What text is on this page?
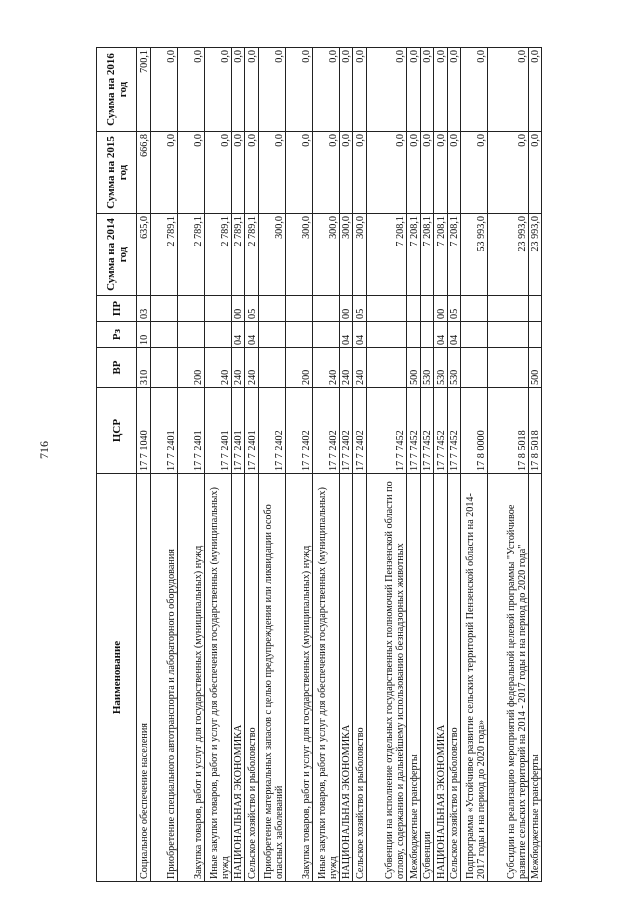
716
Наименование	ЦСР	ВР	Рз	ПР	Сумма на 2014 год	Сумма на 2015 год	Сумма на 2016 год
Социальное обеспечение населения	17 7 1040	310	10	03	635,0	666,8	700,1
Приобретение специального автотранспорта и лабораторного оборудования	17 7 2401				2 789,1	0,0	0,0
Закупка товаров, работ и услуг для государственных (муниципальных) нужд	17 7 2401	200			2 789,1	0,0	0,0
Иные закупки товаров, работ и услуг для обеспечения государственных (муниципальных) нужд	17 7 2401	240			2 789,1	0,0	0,0
НАЦИОНАЛЬНАЯ ЭКОНОМИКА	17 7 2401	240	04	00	2 789,1	0,0	0,0
Сельское хозяйство и рыболовство	17 7 2401	240	04	05	2 789,1	0,0	0,0
Приобретение материальных запасов с целью предупреждения или ликвидации особо опасных заболеваний	17 7 2402				300,0	0,0	0,0
Закупка товаров, работ и услуг для государственных (муниципальных) нужд	17 7 2402	200			300,0	0,0	0,0
Иные закупки товаров, работ и услуг для обеспечения государственных (муниципальных) нужд	17 7 2402	240			300,0	0,0	0,0
НАЦИОНАЛЬНАЯ ЭКОНОМИКА	17 7 2402	240	04	00	300,0	0,0	0,0
Сельское хозяйство и рыболовство	17 7 2402	240	04	05	300,0	0,0	0,0
Субвенции на исполнение отдельных государственных полномочий Пензенской области по отлову, содержанию и дальнейшему использованию безнадзорных животных	17 7 7452				7 208,1	0,0	0,0
Межбюджетные трансферты	17 7 7452	500			7 208,1	0,0	0,0
Субвенции	17 7 7452	530			7 208,1	0,0	0,0
НАЦИОНАЛЬНАЯ ЭКОНОМИКА	17 7 7452	530	04	00	7 208,1	0,0	0,0
Сельское хозяйство и рыболовство	17 7 7452	530	04	05	7 208,1	0,0	0,0
Подпрограмма «Устойчивое развитие сельских территорий Пензенской области на 2014-2017 годы и на период до 2020 года»	17 8 0000				53 993,0	0,0	0,0
Субсидии на реализацию мероприятий федеральной целевой программы "Устойчивое развитие сельских территорий на 2014 - 2017 годы и на период до 2020 года"	17 8 5018				23 993,0	0,0	0,0
Межбюджетные трансферты	17 8 5018	500			23 993,0	0,0	0,0
